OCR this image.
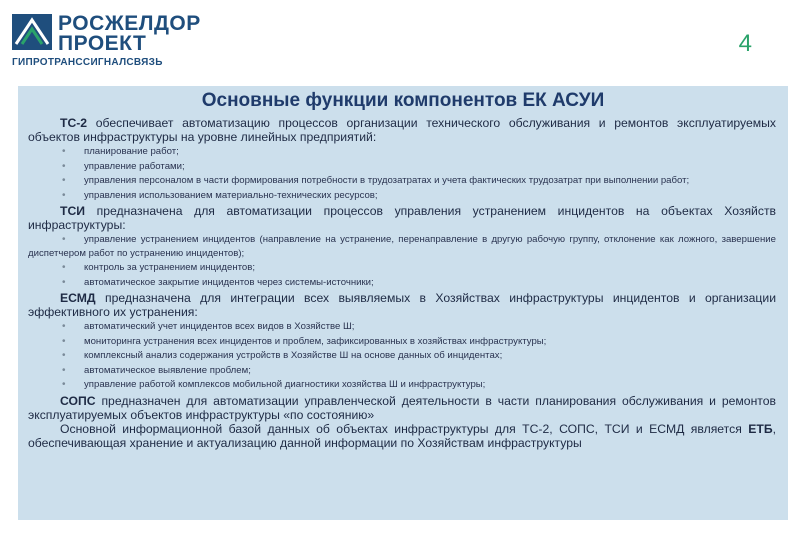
РОСЖЕЛДОР
ПРОЕКТ
ГИПРОТРАНССИГНАЛСВЯЗЬ
4
Основные функции компонентов ЕК АСУИ

ТС-2 обеспечивает автоматизацию процессов организации технического обслуживания и ремонтов эксплуатируемых объектов инфраструктуры на уровне линейных предприятий:

• планирование работ;
• управление работами;
• управления персоналом в части формирования потребности в трудозатратах и учета фактических трудозатрат при выполнении работ;
• управления использованием материально-технических ресурсов;

ТСИ предназначена для автоматизации процессов управления устранением инцидентов на объектах Хозяйств инфраструктуры:

• управление устранением инцидентов (направление на устранение, перенаправление в другую рабочую группу, отклонение как ложного, завершение диспетчером работ по устранению инцидентов);
• контроль за устранением инцидентов;
• автоматическое закрытие инцидентов через системы-источники;

ЕСМД предназначена для интеграции всех выявляемых в Хозяйствах инфраструктуры инцидентов и организации эффективного их устранения:

• автоматический учет инцидентов всех видов в Хозяйстве Ш;
• мониторинга устранения всех инцидентов и проблем, зафиксированных в хозяйствах инфраструктуры;
• комплексный анализ содержания устройств в Хозяйстве Ш на основе данных об инцидентах;
• автоматическое выявление проблем;
• управление работой комплексов мобильной диагностики хозяйства Ш и инфраструктуры;

СОПС предназначен для автоматизации управленческой деятельности в части планирования обслуживания и ремонтов эксплуатируемых объектов инфраструктуры «по состоянию»

Основной информационной базой данных об объектах инфраструктуры для ТС-2, СОПС, ТСИ и ЕСМД является ЕТБ, обеспечивающая хранение и актуализацию данной информации по Хозяйствам инфраструктуры
